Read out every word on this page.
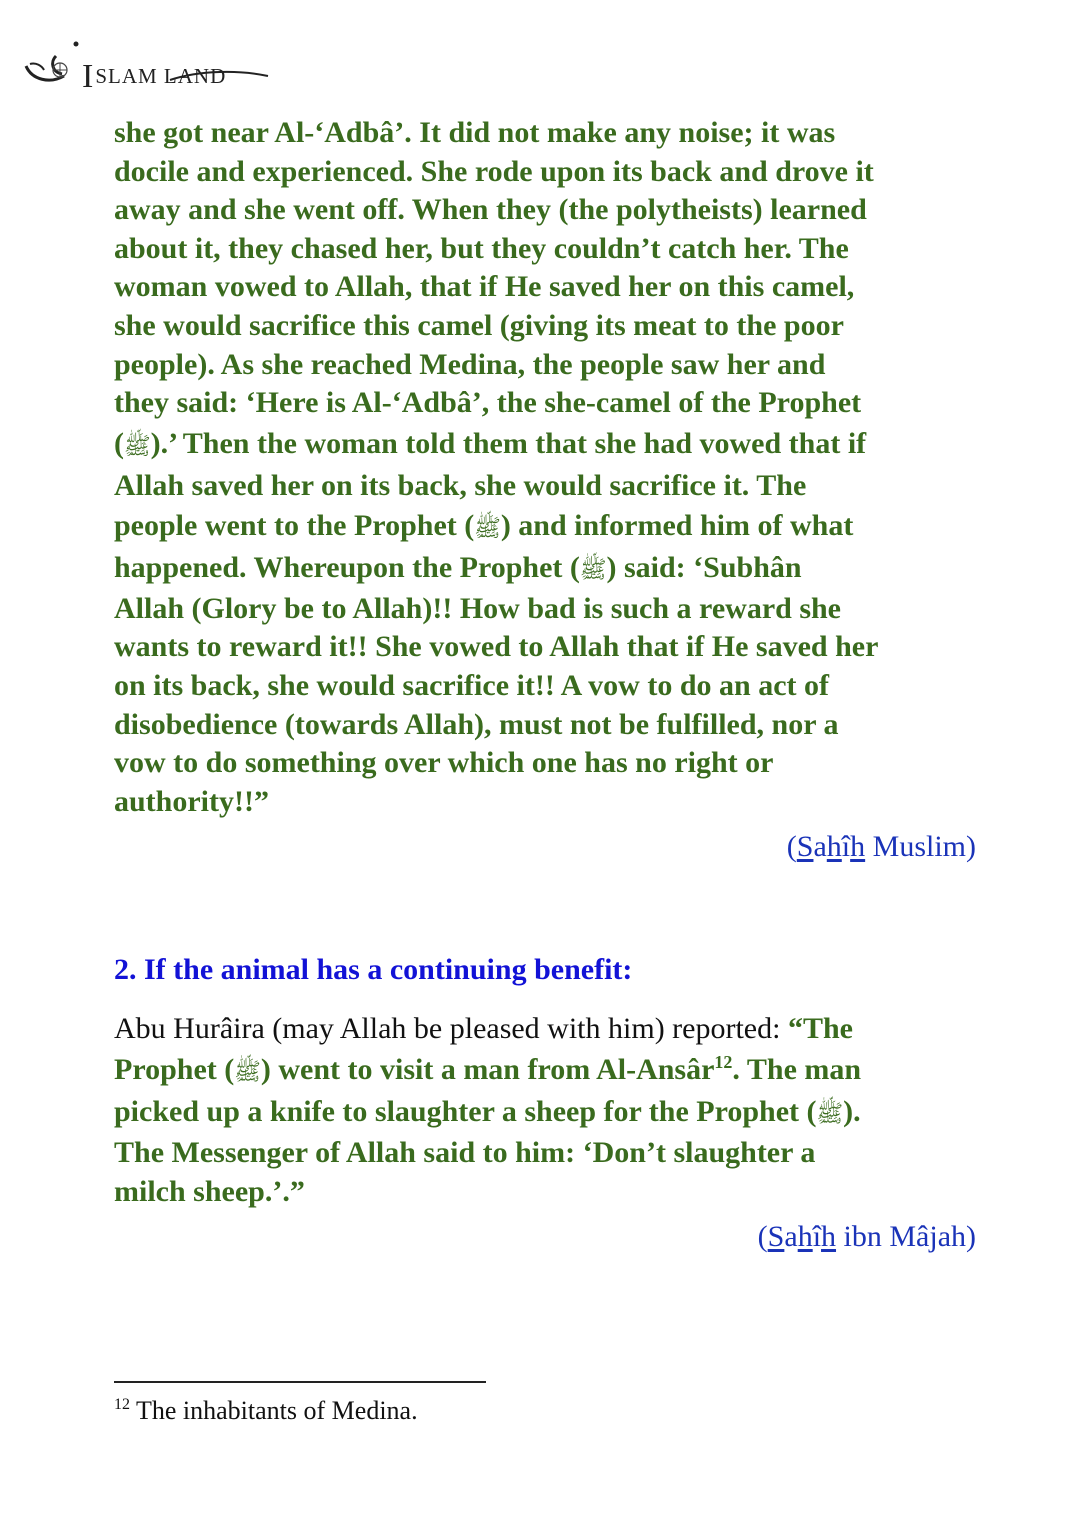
ISLAM LAND

she got near Al-‘Adbâ’. It did not make any noise; it was

docile and experienced. She rode upon its back and drove it

away and she went off. When they (the polytheists) learned

about it, they chased her, but they couldn’t catch her. The

woman vowed to Allah, that if He saved her on this camel,

she would sacrifice this camel (giving its meat to the poor

people). As she reached Medina, the people saw her and

they said: ‘Here is Al-‘Adbâ’, the she-camel of the Prophet

(ﷺ).’ Then the woman told them that she had vowed that if

Allah saved her on its back, she would sacrifice it. The

people went to the Prophet (ﷺ) and informed him of what

happened. Whereupon the Prophet (ﷺ) said: ‘Subhân

Allah (Glory be to Allah)!! How bad is such a reward she

wants to reward it!! She vowed to Allah that if He saved her

on its back, she would sacrifice it!! A vow to do an act of

disobedience (towards Allah), must not be fulfilled, nor a

vow to do something over which one has no right or

authority!!”

(Sahîh Muslim)
2. If the animal has a continuing benefit:

Abu Hurâira (may Allah be pleased with him) reported: “The

Prophet (ﷺ) went to visit a man from Al-Ansâr$^{12}$. The man

picked up a knife to slaughter a sheep for the Prophet (ﷺ).

The Messenger of Allah said to him: ‘Don’t slaughter a

milch sheep.’.”

(Sahîh ibn Mâjah)
$^{12}$ The inhabitants of Medina.
